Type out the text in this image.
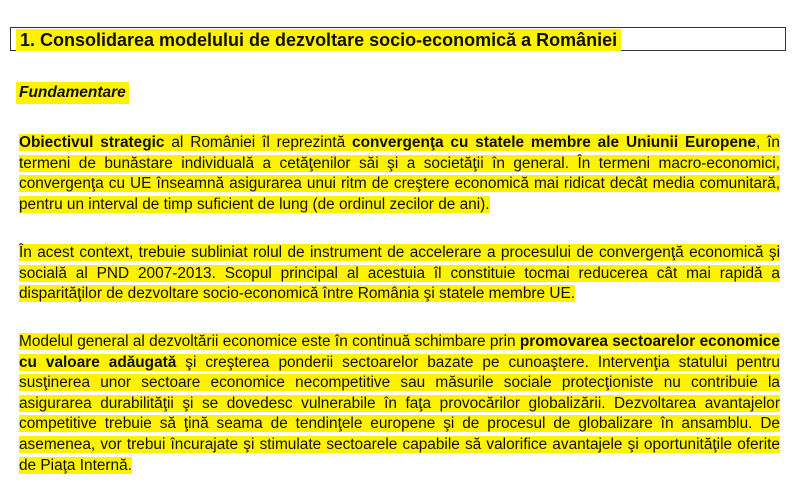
1. Consolidarea modelului de dezvoltare socio-economică a României
Fundamentare

Obiectivul strategic al României îl reprezintă convergenţa cu statele membre ale Uniunii Europene, în termeni de bunăstare individuală a cetăţenilor săi şi a societăţii în general. În termeni macro-economici, convergenţa cu UE înseamnă asigurarea unui ritm de creştere economică mai ridicat decât media comunitară, pentru un interval de timp suficient de lung (de ordinul zecilor de ani).

În acest context, trebuie subliniat rolul de instrument de accelerare a procesului de convergenţă economică şi socială al PND 2007-2013. Scopul principal al acestuia îl constituie tocmai reducerea cât mai rapidă a disparităţilor de dezvoltare socio-economică între România şi statele membre UE.

Modelul general al dezvoltării economice este în continuă schimbare prin promovarea sectoarelor economice cu valoare adăugată şi creşterea ponderii sectoarelor bazate pe cunoaştere. Intervenţia statului pentru susţinerea unor sectoare economice necompetitive sau măsurile sociale protecţioniste nu contribuie la asigurarea durabilităţii şi se dovedesc vulnerabile în faţa provocărilor globalizării. Dezvoltarea avantajelor competitive trebuie să ţină seama de tendinţele europene şi de procesul de globalizare în ansamblu. De asemenea, vor trebui încurajate şi stimulate sectoarele capabile să valorifice avantajele şi oportunităţile oferite de Piaţa Internă.
